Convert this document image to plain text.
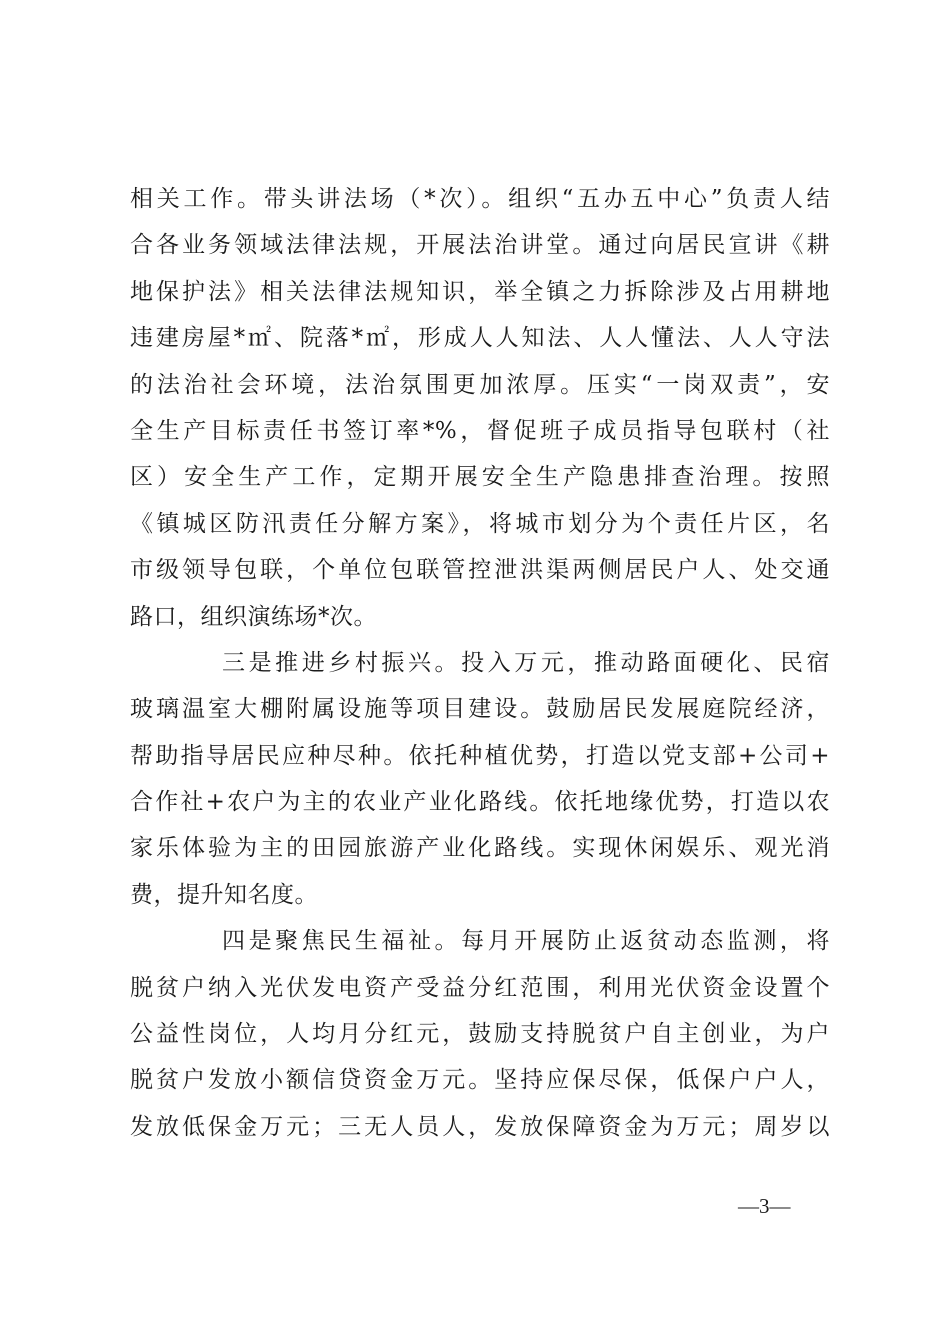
相关工作。带头讲法场（*次）。组织“五办五中心”负责人结
合各业务领域法律法规，开展法治讲堂。通过向居民宣讲《耕
地保护法》相关法律法规知识，举全镇之力拆除涉及占用耕地
违建房屋*㎡、院落*㎡，形成人人知法、人人懂法、人人守法
的法治社会环境，法治氛围更加浓厚。压实“一岗双责”，安
全生产目标责任书签订率*%，督促班子成员指导包联村（社
区）安全生产工作，定期开展安全生产隐患排查治理。按照
《镇城区防汛责任分解方案》，将城市划分为个责任片区，名
市级领导包联，个单位包联管控泄洪渠两侧居民户人、处交通
路口，组织演练场*次。
三是推进乡村振兴。投入万元，推动路面硬化、民宿
玻璃温室大棚附属设施等项目建设。鼓励居民发展庭院经济，
帮助指导居民应种尽种。依托种植优势，打造以党支部+公司+
合作社+农户为主的农业产业化路线。依托地缘优势，打造以农
家乐体验为主的田园旅游产业化路线。实现休闲娱乐、观光消
费，提升知名度。
四是聚焦民生福祉。每月开展防止返贫动态监测，将
脱贫户纳入光伏发电资产受益分红范围，利用光伏资金设置个
公益性岗位，人均月分红元，鼓励支持脱贫户自主创业，为户
脱贫户发放小额信贷资金万元。坚持应保尽保，低保户户人，
发放低保金万元；三无人员人，发放保障资金为万元；周岁以
—3—
